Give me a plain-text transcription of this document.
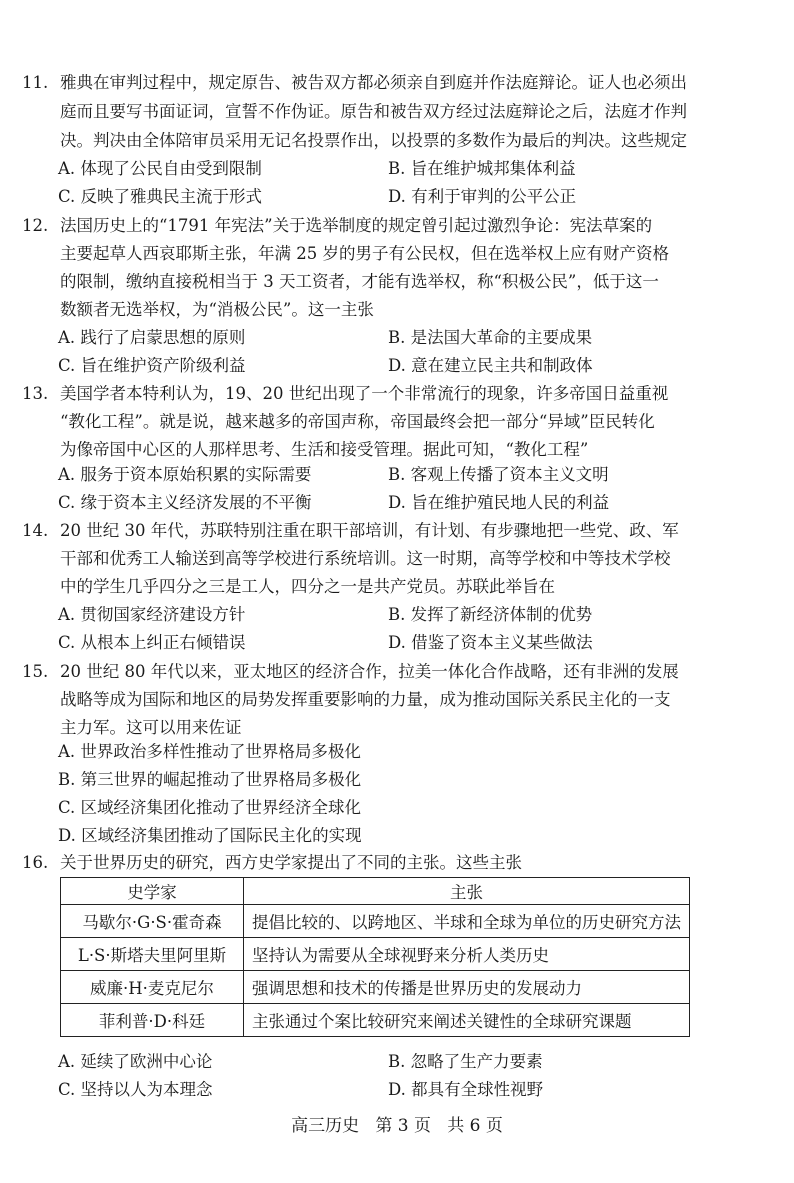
11. 雅典在审判过程中，规定原告、被告双方都必须亲自到庭并作法庭辩论。证人也必须出
庭而且要写书面证词，宣誓不作伪证。原告和被告双方经过法庭辩论之后，法庭才作判
决。判决由全体陪审员采用无记名投票作出，以投票的多数作为最后的判决。这些规定
A. 体现了公民自由受到限制	B. 旨在维护城邦集体利益
C. 反映了雅典民主流于形式	D. 有利于审判的公平公正
12. 法国历史上的“1791 年宪法”关于选举制度的规定曾引起过激烈争论：宪法草案的
主要起草人西哀耶斯主张，年满 25 岁的男子有公民权，但在选举权上应有财产资格
的限制，缴纳直接税相当于 3 天工资者，才能有选举权，称“积极公民”，低于这一
数额者无选举权，为“消极公民”。这一主张
A. 践行了启蒙思想的原则	B. 是法国大革命的主要成果
C. 旨在维护资产阶级利益	D. 意在建立民主共和制政体
13. 美国学者本特利认为，19、20 世纪出现了一个非常流行的现象，许多帝国日益重视
“教化工程”。就是说，越来越多的帝国声称，帝国最终会把一部分“异域”臣民转化
为像帝国中心区的人那样思考、生活和接受管理。据此可知，“教化工程”
A. 服务于资本原始积累的实际需要	B. 客观上传播了资本主义文明
C. 缘于资本主义经济发展的不平衡	D. 旨在维护殖民地人民的利益
14. 20 世纪 30 年代，苏联特别注重在职干部培训，有计划、有步骤地把一些党、政、军
干部和优秀工人输送到高等学校进行系统培训。这一时期，高等学校和中等技术学校
中的学生几乎四分之三是工人，四分之一是共产党员。苏联此举旨在
A. 贯彻国家经济建设方针	B. 发挥了新经济体制的优势
C. 从根本上纠正右倾错误	D. 借鉴了资本主义某些做法
15. 20 世纪 80 年代以来，亚太地区的经济合作，拉美一体化合作战略，还有非洲的发展
战略等成为国际和地区的局势发挥重要影响的力量，成为推动国际关系民主化的一支
主力军。这可以用来佐证
A. 世界政治多样性推动了世界格局多极化
B. 第三世界的崛起推动了世界格局多极化
C. 区域经济集团化推动了世界经济全球化
D. 区域经济集团推动了国际民主化的实现
16. 关于世界历史的研究，西方史学家提出了不同的主张。这些主张
史学家	主张
马歇尔·G·S·霍奇森	提倡比较的、以跨地区、半球和全球为单位的历史研究方法
L·S·斯塔夫里阿里斯	坚持认为需要从全球视野来分析人类历史
威廉·H·麦克尼尔	强调思想和技术的传播是世界历史的发展动力
菲利普·D·科廷	主张通过个案比较研究来阐述关键性的全球研究课题
A. 延续了欧洲中心论	B. 忽略了生产力要素
C. 坚持以人为本理念	D. 都具有全球性视野
高三历史   第 3 页   共 6 页
